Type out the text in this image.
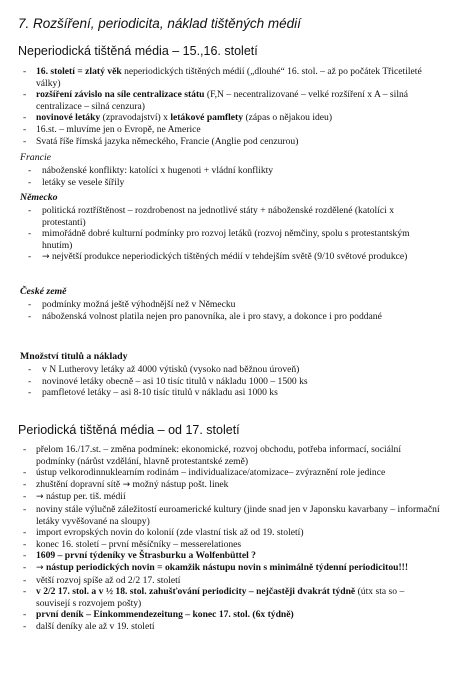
7. Rozšíření, periodicita, náklad tištěných médií
Neperiodická tištěná média – 15.,16. století
- 16. století = zlatý věk neperiodických tištěných médií („dlouhé“ 16. stol. – až po počátek Třicetileté války)
- rozšíření závislo na síle centralizace státu (F,N – necentralizované – velké rozšíření x A – silná centralizace – silná cenzura)
- novinové letáky (zpravodajství) x letákové pamflety (zápas o nějakou ideu)
- 16.st. – mluvíme jen o Evropě, ne Americe
- Svatá říše římská jazyka německého, Francie (Anglie pod cenzurou)
Francie
- náboženské konflikty: katolíci x hugenoti + vládní konflikty
- letáky se vesele šířily
Německo
- politická roztříštěnost – rozdrobenost na jednotlivé státy + náboženské rozdělené (katolíci x protestanti)
- mimořádně dobré kulturní podmínky pro rozvoj letáků (rozvoj němčiny, spolu s protestantským hnutím)
- → největší produkce neperiodických tištěných médií v tehdejším světě (9/10 světové produkce)
České země
- podmínky možná ještě výhodnější než v Německu
- náboženská volnost platila nejen pro panovníka, ale i pro stavy, a dokonce i pro poddané
Množství titulů a náklady
- v N Lutherovy letáky až 4000 výtisků (vysoko nad běžnou úroveň)
- novinové letáky obecně – asi 10 tisíc titulů v nákladu 1000 – 1500 ks
- pamfletové letáky – asi 8-10 tisíc titulů v nákladu asi 1000 ks
Periodická tištěná média – od 17. století
- přelom 16./17.st. – změna podmínek: ekonomické, rozvoj obchodu, potřeba informací, sociální podmínky (nárůst vzdělání, hlavně protestantské země)
- ústup velkorodinnuklearním rodinám – individualizace/atomizace– zvýraznění role jedince
- zhuštění dopravní sítě → možný nástup pošt. linek
- → nástup per. tiš. médií
- noviny stále výlučně záležitostí euroamerické kultury (jinde snad jen v Japonsku kavarbany – informační letáky vyvěšované na sloupy)
- import evropských novin do kolonií (zde vlastní tisk až od 19. století)
- konec 16. století – první měsíčníky – messerelationes
- 1609 – první týdeníky ve Štrasburku a Wolfenbüttel ?
- → nástup periodických novin = okamžik nástupu novin s minimálně týdenní periodicitou!!!
- větší rozvoj spíše až od 2/2 17. století
- v 2/2 17. stol. a v ½ 18. stol. zahušťování periodicity – nejčastěji dvakrát týdně (útx sta so – souvisejí s rozvojem pošty)
- první deník – Einkommendezeitung – konec 17. stol. (6x týdně)
- další deníky ale až v 19. století
